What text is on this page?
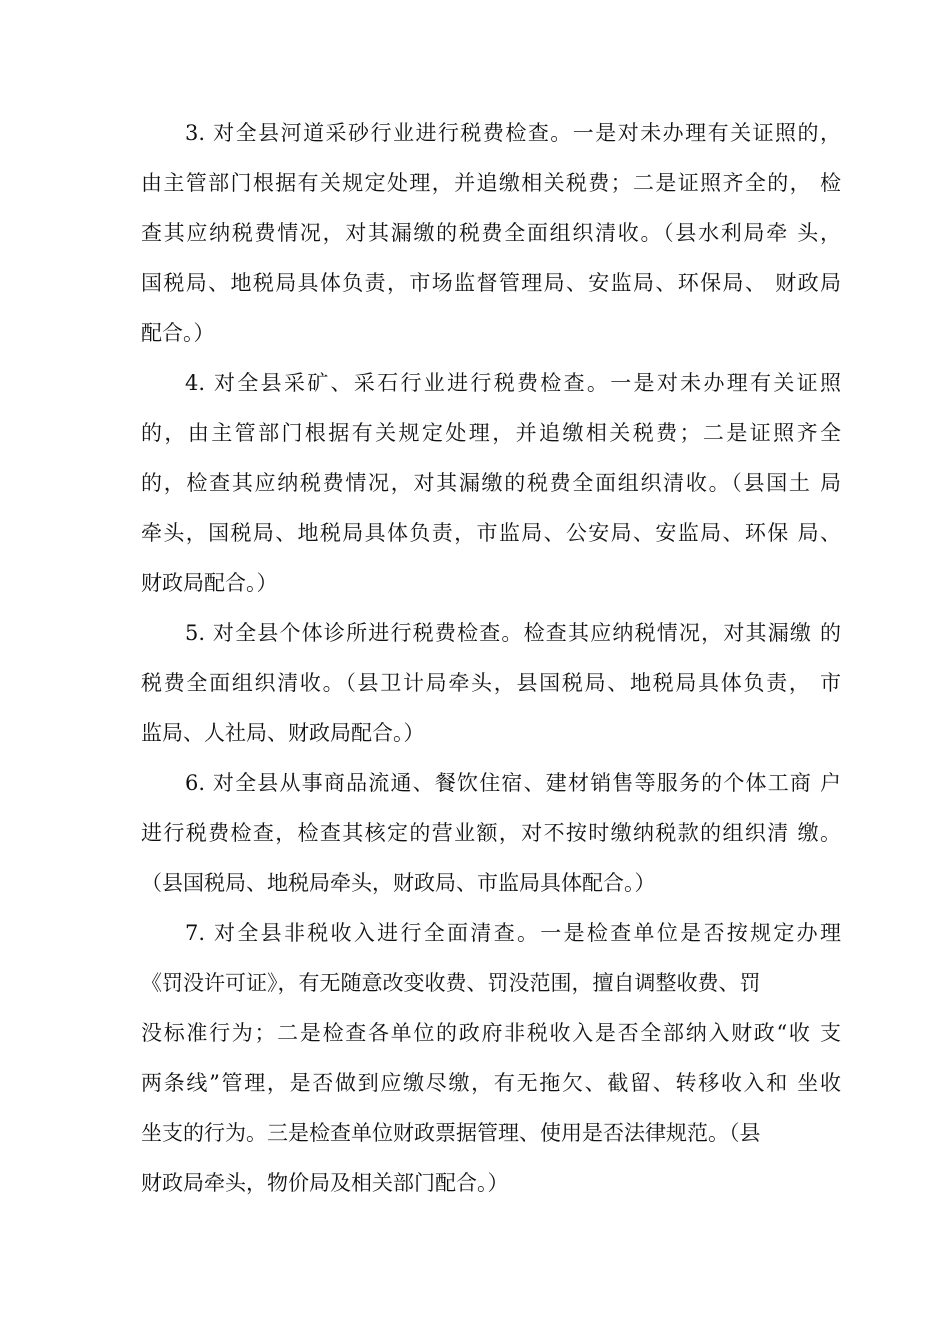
3. 对全县河道采砂行业进行税费检查。一是对未办理有关证照的，
由主管部门根据有关规定处理，并追缴相关税费；二是证照齐全的， 检
查其应纳税费情况，对其漏缴的税费全面组织清收。（县水利局牵 头，
国税局、地税局具体负责，市场监督管理局、安监局、环保局、 财政局
配合。）
4. 对全县采矿、采石行业进行税费检查。一是对未办理有关证照
的，由主管部门根据有关规定处理，并追缴相关税费；二是证照齐全
的，检查其应纳税费情况，对其漏缴的税费全面组织清收。（县国土 局
牵头，国税局、地税局具体负责，市监局、公安局、安监局、环保 局、
财政局配合。）
5. 对全县个体诊所进行税费检查。检查其应纳税情况，对其漏缴 的
税费全面组织清收。（县卫计局牵头，县国税局、地税局具体负责， 市
监局、人社局、财政局配合。）
6. 对全县从事商品流通、餐饮住宿、建材销售等服务的个体工商 户
进行税费检查，检查其核定的营业额，对不按时缴纳税款的组织清 缴。
（县国税局、地税局牵头，财政局、市监局具体配合。）
7. 对全县非税收入进行全面清查。一是检查单位是否按规定办理
《罚没许可证》，有无随意改变收费、罚没范围，擅自调整收费、罚
没标准行为；二是检查各单位的政府非税收入是否全部纳入财政“收 支
两条线”管理，是否做到应缴尽缴，有无拖欠、截留、转移收入和 坐收
坐支的行为。三是检查单位财政票据管理、使用是否法律规范。（县
财政局牵头，物价局及相关部门配合。）
